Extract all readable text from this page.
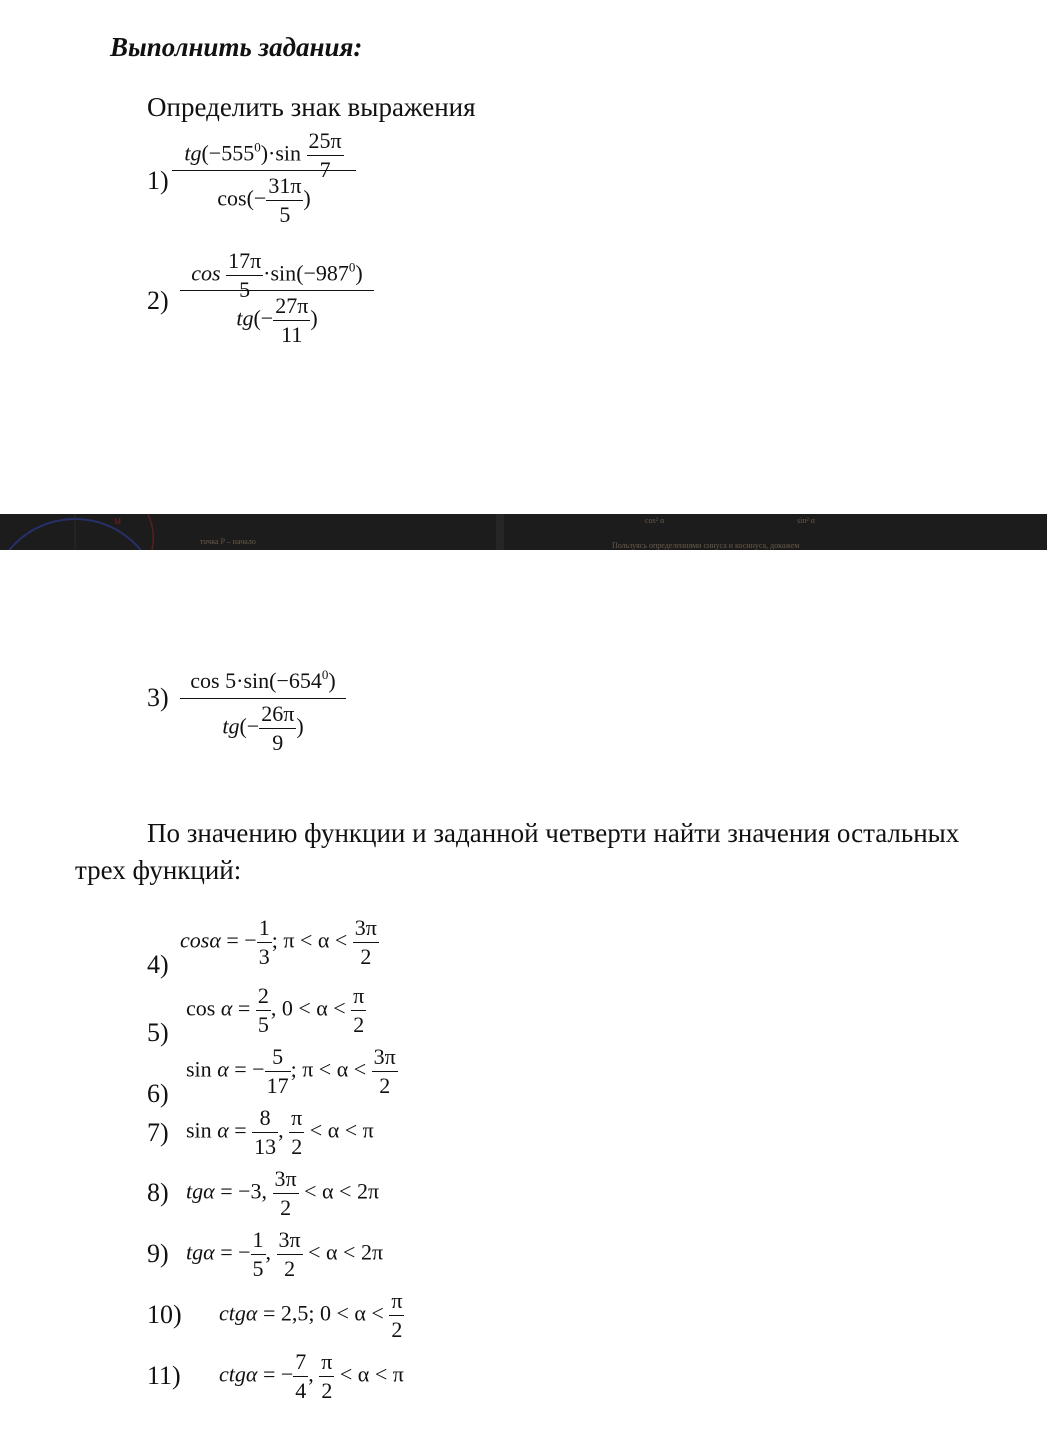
Выполнить задания:
Определить знак выражения
1)
$tg(-555^0)\cdot\sin \frac{25\pi}{7}$
$\cos(- \frac{31\pi}{5}$ )
2)
$\cos \frac{17\pi}{5} \cdot\sin(-987^0)$
$tg(- \frac{27\pi}{11}$ )
M
точка P – начало
cos² α	sin² α
Пользуясь определениями синуса и косинуса, докажем
3)
$\cos 5\cdot\sin(-654^0)$
$tg(- \frac{26\pi}{9}$ )
По значению функции и заданной четверти найти значения остальных
трех функций:
4)
cosα = − $\frac{1}{3}$ ; $\pi < \alpha < \frac{3\pi}{2}$
5)
$\cos \alpha = \frac{2}{5}$ , $0 < \alpha < \frac{\pi}{2}$
6)
sin α = − $\frac{5}{17}$ ; $\pi < \alpha < \frac{3\pi}{2}$
7) $\sin \alpha = \frac{8}{13}$ , $\frac{\pi}{2} < \alpha < \pi$
8) tgα = −3, $\frac{3\pi}{2} < \alpha < 2\pi$
9) tgα = − $\frac{1}{5}$ , $\frac{3\pi}{2} < \alpha < 2\pi$
10) ctgα = 2,5; $0 < \alpha < \frac{\pi}{2}$
11) ctgα = − $\frac{7}{4}$ , $\frac{\pi}{2} < \alpha < \pi$
